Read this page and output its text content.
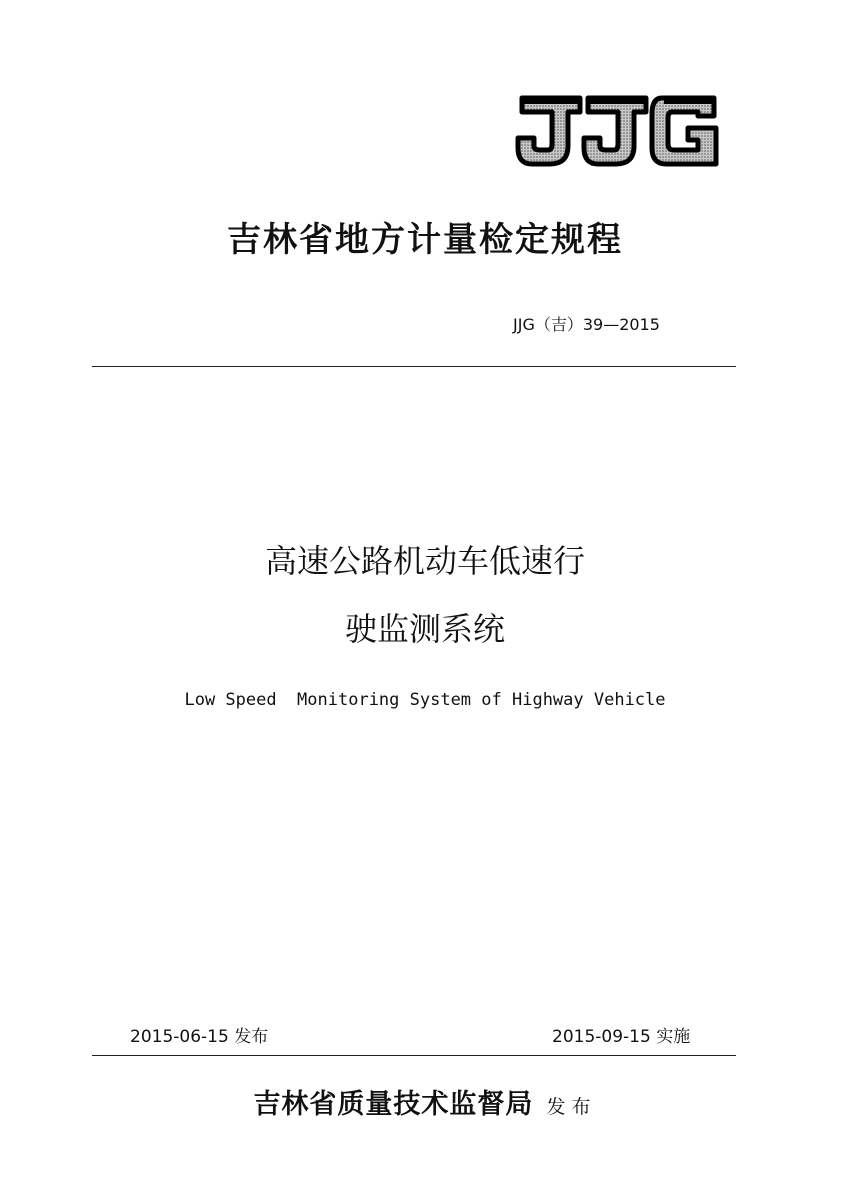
吉林省地方计量检定规程
JJG（吉）39—2015
高速公路机动车低速行
驶监测系统
Low Speed  Monitoring System of Highway Vehicle
2015-06-15 发布	2015-09-15 实施
吉林省质量技术监督局 发布
